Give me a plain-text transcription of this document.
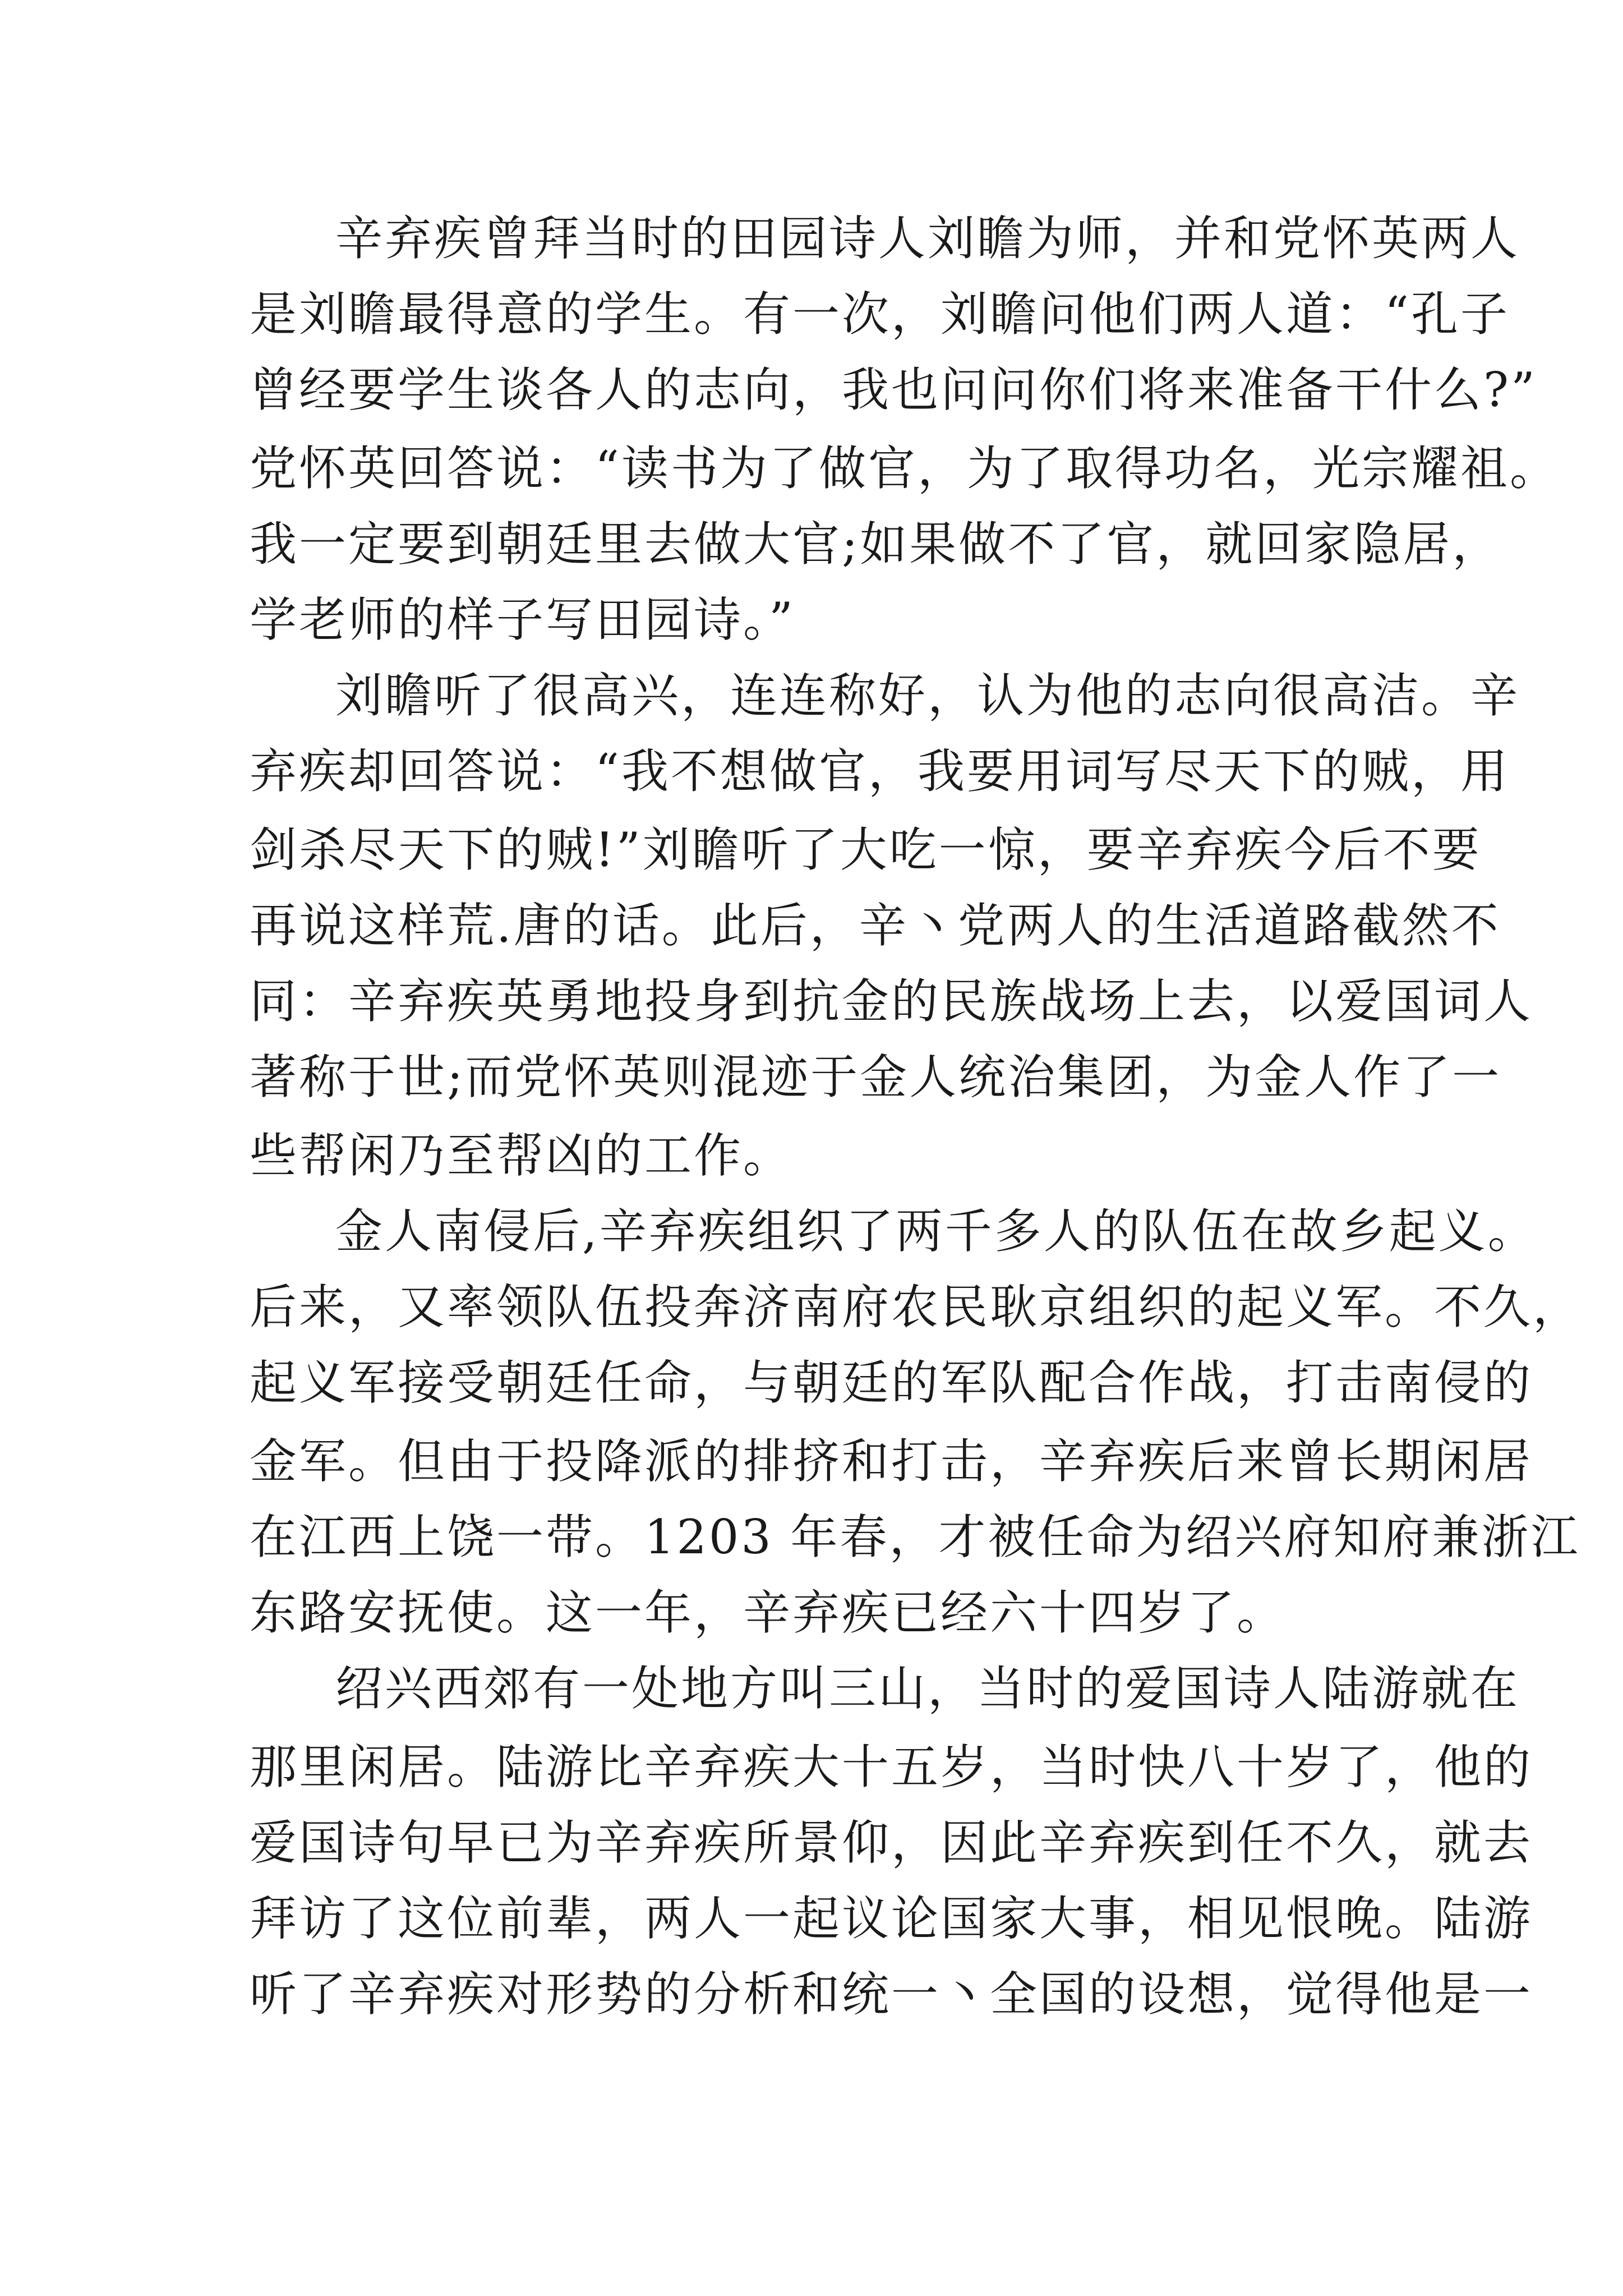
辛弃疾曾拜当时的田园诗人刘瞻为师，并和党怀英两人
是刘瞻最得意的学生。有一次，刘瞻问他们两人道：“孔子
曾经要学生谈各人的志向，我也问问你们将来准备干什么?”
党怀英回答说：“读书为了做官，为了取得功名，光宗耀祖。
我一定要到朝廷里去做大官;如果做不了官，就回家隐居，
学老师的样子写田园诗。”
刘瞻听了很高兴，连连称好，认为他的志向很高洁。辛
弃疾却回答说：“我不想做官，我要用词写尽天下的贼，用
剑杀尽天下的贼!”刘瞻听了大吃一惊，要辛弃疾今后不要
再说这样荒.唐的话。此后，辛丶党两人的生活道路截然不
同：辛弃疾英勇地投身到抗金的民族战场上去，以爱国词人
著称于世;而党怀英则混迹于金人统治集团，为金人作了一
些帮闲乃至帮凶的工作。
金人南侵后,辛弃疾组织了两千多人的队伍在故乡起义。
后来，又率领队伍投奔济南府农民耿京组织的起义军。不久，
起义军接受朝廷任命，与朝廷的军队配合作战，打击南侵的
金军。但由于投降派的排挤和打击，辛弃疾后来曾长期闲居
在江西上饶一带。1203 年春，才被任命为绍兴府知府兼浙江
东路安抚使。这一年，辛弃疾已经六十四岁了。
绍兴西郊有一处地方叫三山，当时的爱国诗人陆游就在
那里闲居。陆游比辛弃疾大十五岁，当时快八十岁了，他的
爱国诗句早已为辛弃疾所景仰，因此辛弃疾到任不久，就去
拜访了这位前辈，两人一起议论国家大事，相见恨晚。陆游
听了辛弃疾对形势的分析和统一丶全国的设想，觉得他是一
